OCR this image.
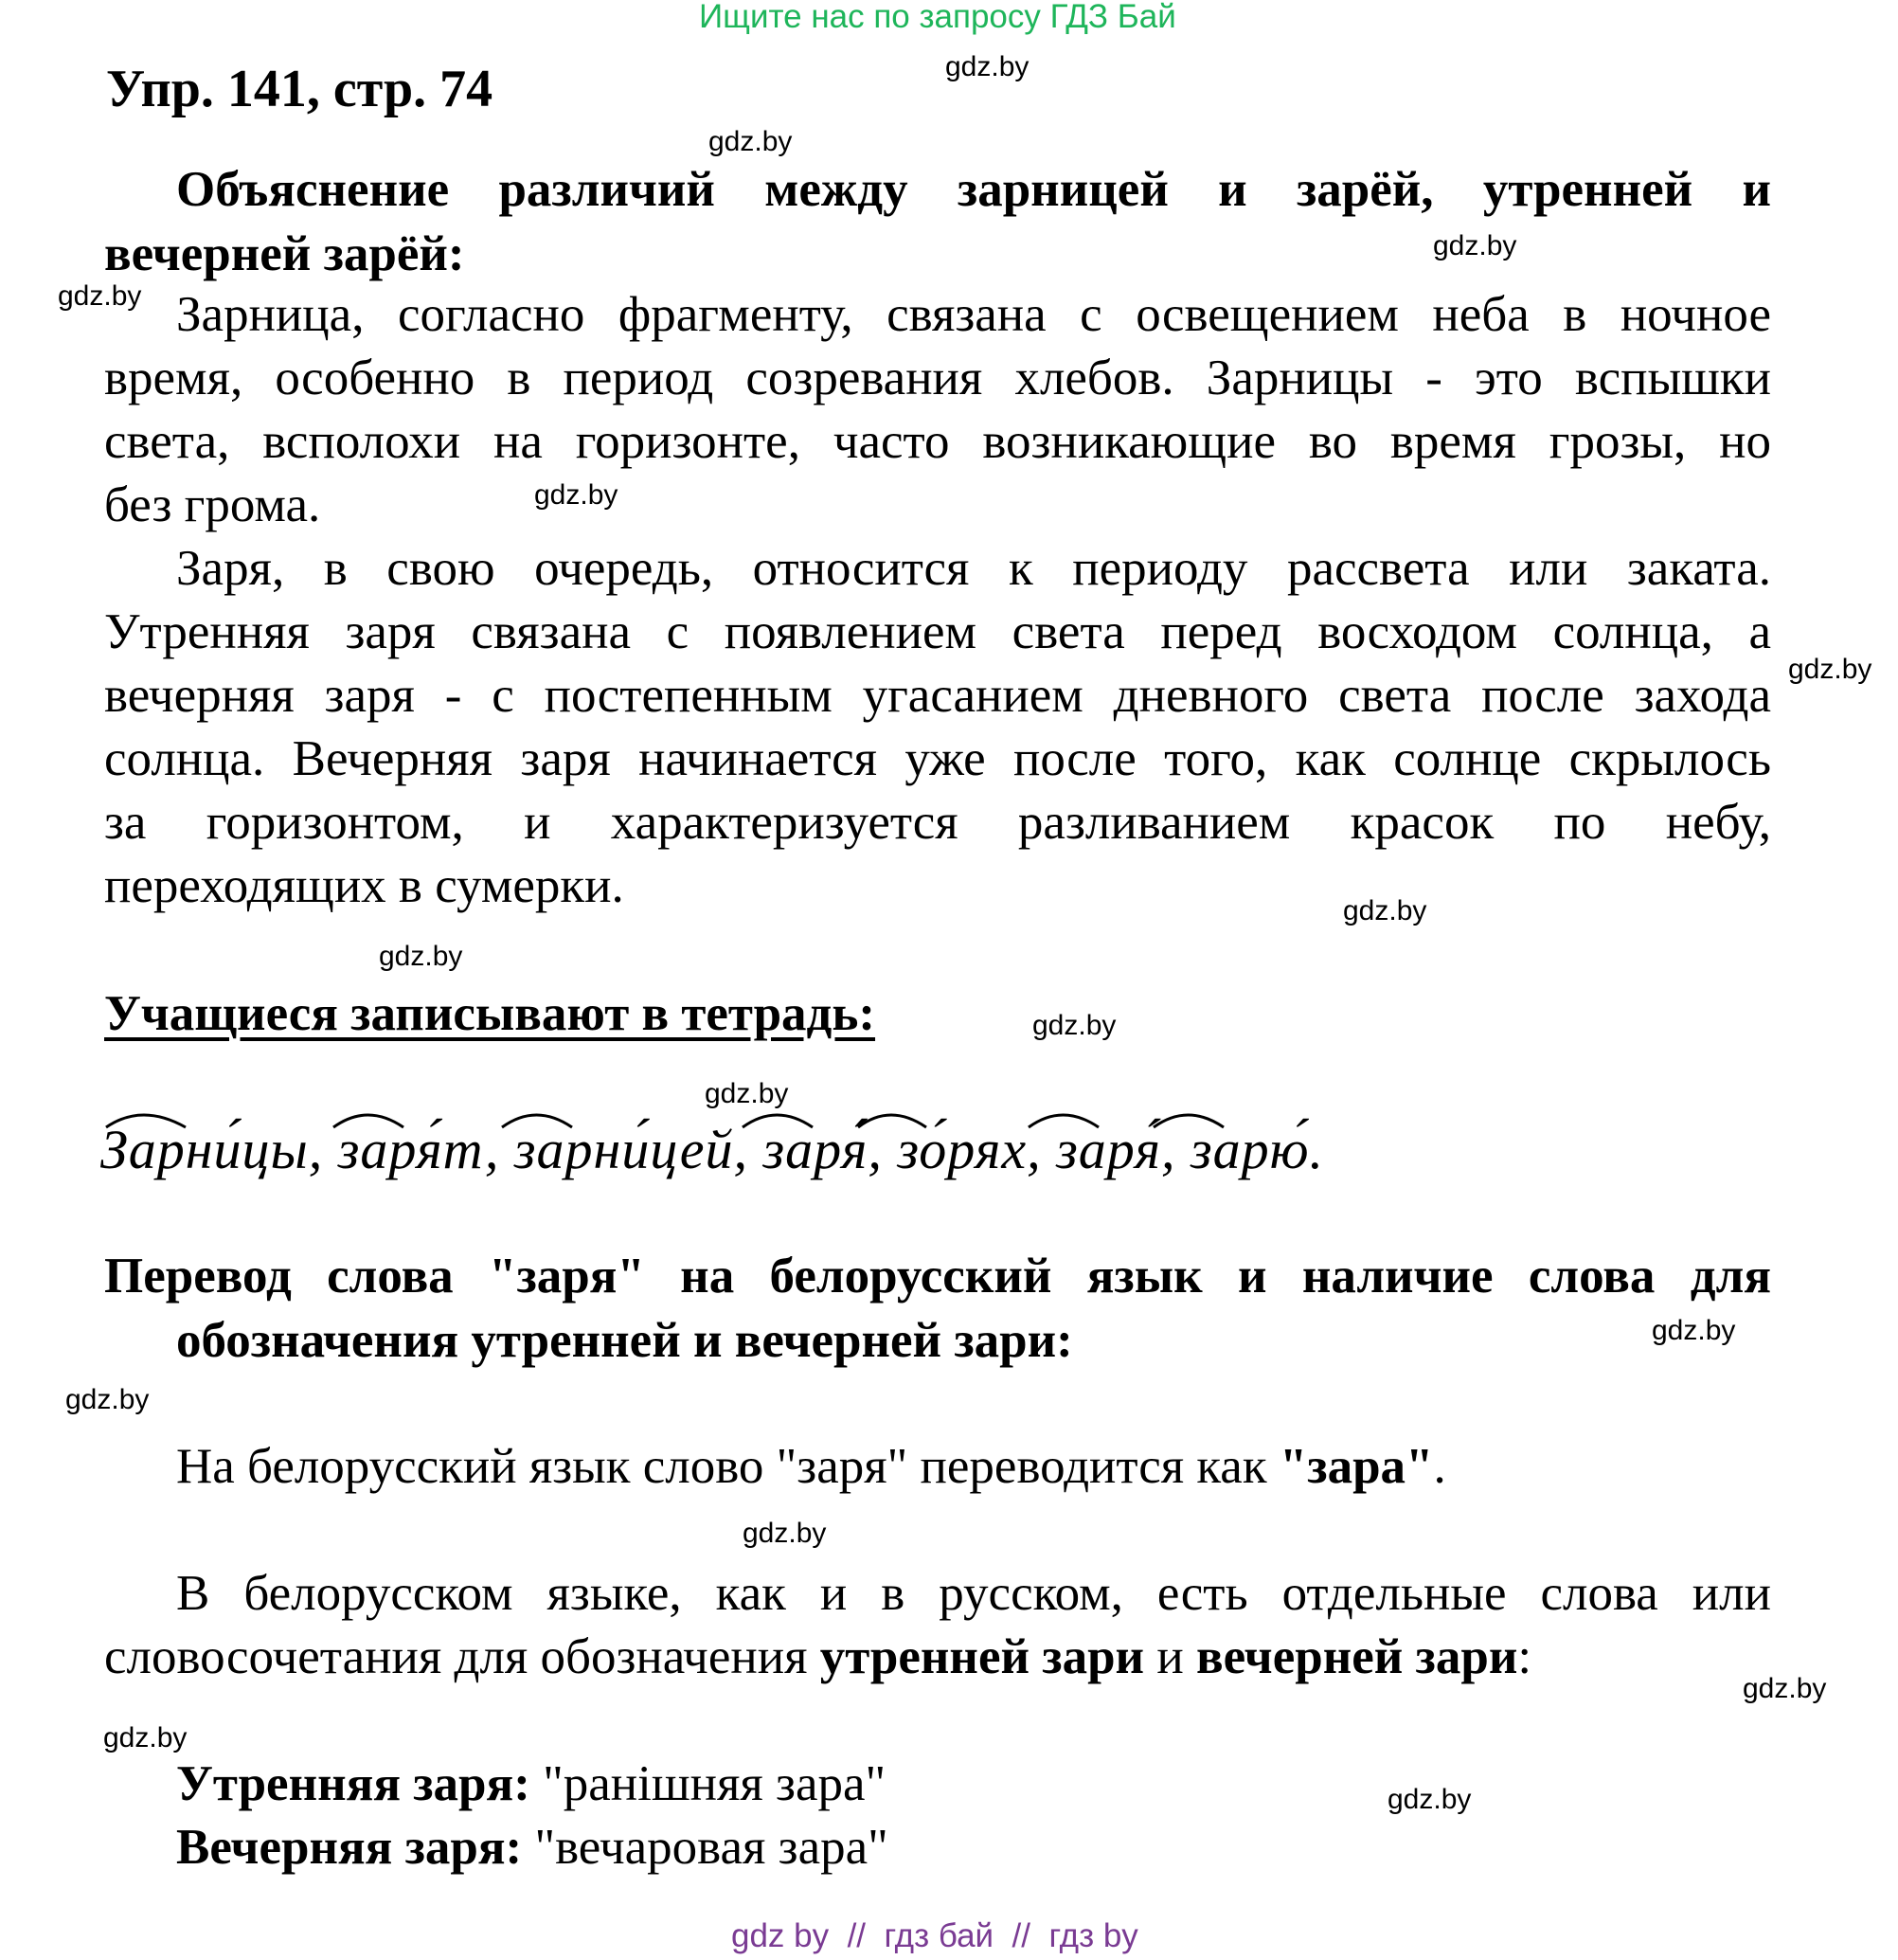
Ищите нас по запросу ГДЗ Бай
gdz.by
gdz.by
gdz.by
gdz.by
gdz.by
gdz.by
gdz.by
gdz.by
gdz.by
gdz.by
gdz.by
gdz.by
gdz.by
gdz.by
gdz.by
gdz.by
Упр. 141, стр. 74
Объяснение различий между зарницей и зарёй, утренней и
вечерней зарёй:
Зарница, согласно фрагменту, связана с освещением неба в ночное
время, особенно в период созревания хлебов. Зарницы - это вспышки
света, всполохи на горизонте, часто возникающие во время грозы, но
без грома.
Заря, в свою очередь, относится к периоду рассвета или заката.
Утренняя заря связана с появлением света перед восходом солнца, а
вечерняя заря - с постепенным угасанием дневного света после захода
солнца. Вечерняя заря начинается уже после того, как солнце скрылось
за горизонтом, и характеризуется разливанием красок по небу,
переходящих в сумерки.
Учащиеся записывают в тетрадь:
Зарни́цы, заря́т, зарни́цей, заря́, зо́рях, заря́, зарю́.
Перевод слова "заря" на белорусский язык и наличие слова для
обозначения утренней и вечерней зари:
На белорусский язык слово "заря" переводится как "зара".
В белорусском языке, как и в русском, есть отдельные слова или
словосочетания для обозначения утренней зари и вечерней зари:
Утренняя заря: "ранішняя зара"
Вечерняя заря: "вечаровая зара"
gdz by  //  гдз бай  //  гдз by
